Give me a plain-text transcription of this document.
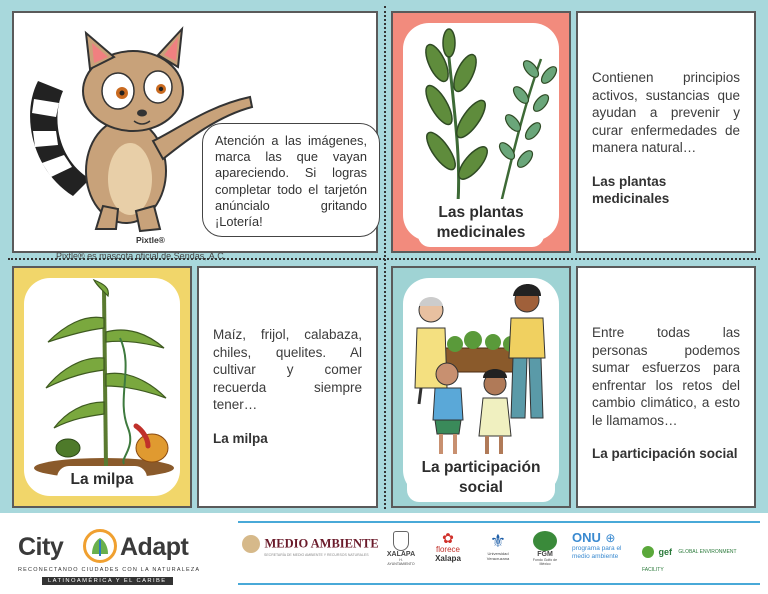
Atención a las imágenes, marca las que vayan apareciendo. Si logras completar todo el tarjetón anúncialo gritando ¡Lotería!
Pixtle®
Pixtle® es mascota oficial de Sendas, A.C.
Las plantas
medicinales

Contienen principios activos, sustancias que ayudan a prevenir y curar enfermedades de manera natural…

Las plantas
medicinales
La milpa

Maíz, frijol, calabaza, chiles, quelites. Al cultivar y comer recuerda siempre tener…

La milpa
La participación
social

Entre todas las personas podemos sumar esfuerzos para enfrentar los retos del cambio climático, a esto le llamamos…

La participación social
City Adapt
RECONECTANDO CIUDADES CON LA NATURALEZA
LATINOAMÉRICA Y EL CARIBE
MEDIO AMBIENTE
SECRETARÍA DE MEDIO AMBIENTE Y RECURSOS NATURALES	XALAPA
H. AYUNTAMIENTO
✿
florece
Xalapa
⚜
Universidad Veracruzana
FGM
Fondo Golfo de México
ONU ⊕
programa para el
medio ambiente	gef GLOBAL ENVIRONMENT FACILITY
